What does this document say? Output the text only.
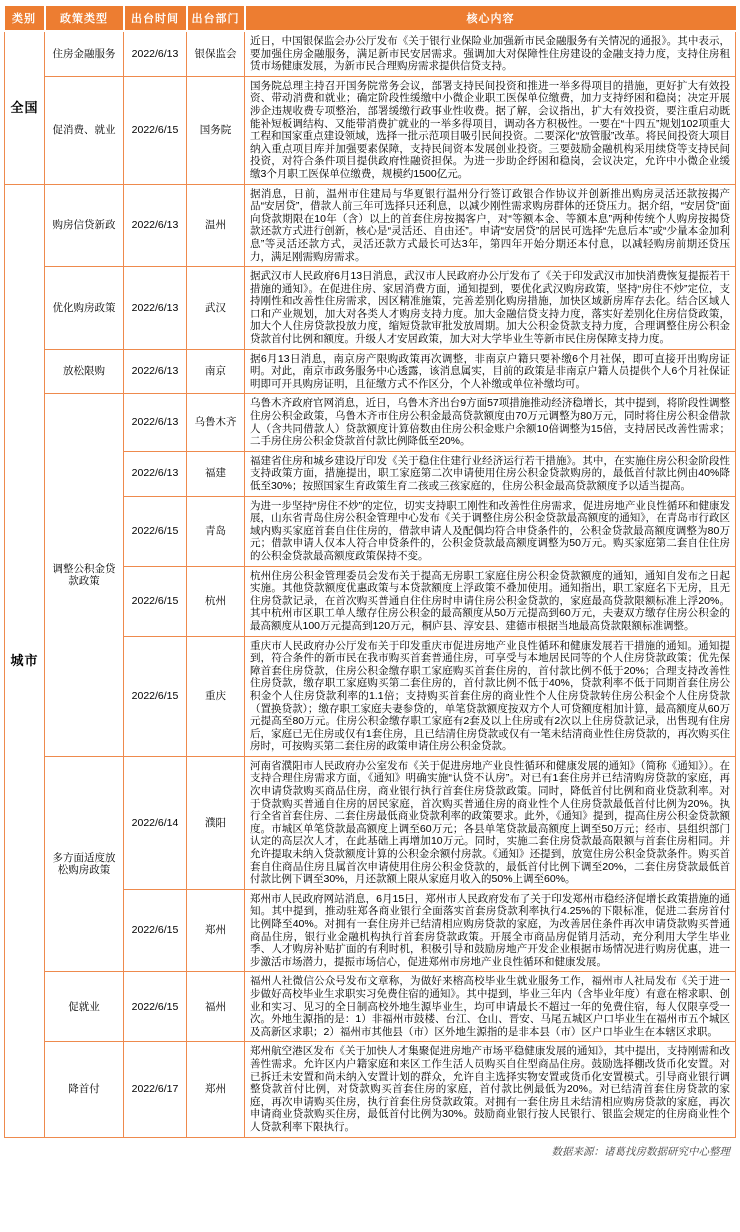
类别	政策类型	出台时间	出台部门	核心内容
全国	住房金融服务	2022/6/13	银保监会	近日，中国银保监会办公厅发布《关于银行业保险业加强新市民金融服务有关情况的通报》。其中表示，要加强住房金融服务，满足新市民安居需求。强调加大对保障性住房建设的金融支持力度，支持住房租赁市场健康发展，为新市民合理购房需求提供信贷支持。
	促消费、就业	2022/6/15	国务院	国务院总理主持召开国务院常务会议，部署支持民间投资和推进一举多得项目的措施，更好扩大有效投资、带动消费和就业；确定阶段性缓缴中小微企业职工医保单位缴费，加力支持纾困和稳岗；决定开展涉企违规收费专项整治，部署缓缴行政事业性收费。据了解，会议指出，扩大有效投资，要注重启动既能补短板调结构、又能带消费扩就业的一举多得项目，调动各方积极性。一要在“十四五”规划102项重大工程和国家重点建设领域，选择一批示范项目吸引民间投资。二要深化“放管服”改革。将民间投资大项目纳入重点项目库并加强要素保障，支持民间资本发展创业投资。三要鼓励金融机构采用续贷等支持民间投资，对符合条件项目提供政府性融资担保。为进一步助企纾困和稳岗，会议决定，允许中小微企业缓缴3个月职工医保单位缴费，规模约1500亿元。
城市	购房信贷新政	2022/6/13	温州	据消息，日前，温州市住建局与华夏银行温州分行签订政银合作协议并创新推出购房灵活还款按揭产品“安居贷”，借款人前三年可选择只还利息，以减少刚性需求购房群体的还贷压力。据介绍，“安居贷”面向贷款期限在10年（含）以上的首套住房按揭客户，对“等额本金、等额本息”两种传统个人购房按揭贷款还款方式进行创新，核心是“灵活还、自由还”。申请“安居贷”的居民可选择“先息后本”或“少量本金加利息”等灵活还款方式，灵活还款方式最长可达3年，第四年开始分期还本付息，以减轻购房前期还贷压力，满足刚需购房需求。
	优化购房政策	2022/6/13	武汉	据武汉市人民政府6月13日消息，武汉市人民政府办公厅发布了《关于印发武汉市加快消费恢复提振若干措施的通知》。在促进住房、家居消费方面，通知提到，要优化武汉购房政策，坚持“房住不炒”定位，支持刚性和改善性住房需求，因区精准施策，完善差别化购房措施，加快区域新房库存去化。结合区域人口和产业规划，加大对各类人才购房支持力度。加大金融信贷支持力度，落实好差别化住房信贷政策，加大个人住房贷款投放力度，缩短贷款审批发放周期。加大公积金贷款支持力度，合理调整住房公积金贷款首付比例和额度。升级人才安居政策，加大对大学毕业生等新市民住房保障支持力度。
	放松限购	2022/6/13	南京	据6月13日消息，南京房产限购政策再次调整，非南京户籍只要补缴6个月社保，即可直接开出购房证明。对此，南京市政务服务中心透露，该消息属实，目前的政策是非南京户籍人员提供个人6个月社保证明即可开具购房证明，且征缴方式不作区分，个人补缴或单位补缴均可。
	调整公积金贷款政策	2022/6/13	乌鲁木齐	乌鲁木齐政府官网消息，近日，乌鲁木齐出台9方面57项措施推动经济稳增长，其中提到，将阶段性调整住房公积金政策，乌鲁木齐市住房公积金最高贷款额度由70万元调整为80万元，同时将住房公积金借款人（含共同借款人）贷款额度计算倍数由住房公积金账户余额10倍调整为15倍，支持居民改善性需求；二手房住房公积金贷款首付款比例降低至20%。
		2022/6/13	福建	福建省住房和城乡建设厅印发《关于稳住住建行业经济运行若干措施》。其中，在实施住房公积金阶段性支持政策方面，措施提出，职工家庭第二次申请使用住房公积金贷款购房的，最低首付款比例由40%降低至30%；按照国家生育政策生育二孩或三孩家庭的，住房公积金最高贷款额度予以适当提高。
		2022/6/15	青岛	为进一步坚持“房住不炒”的定位，切实支持职工刚性和改善性住房需求，促进房地产业良性循环和健康发展，山东省青岛住房公积金管理中心发布《关于调整住房公积金贷款最高额度的通知》，在青岛市行政区域内购买家庭首套自住住房的，借款申请人及配偶均符合申贷条件的，公积金贷款最高额度调整为80万元；借款申请人仅本人符合申贷条件的，公积金贷款最高额度调整为50万元。购买家庭第二套自住住房的公积金贷款最高额度政策保持不变。
		2022/6/15	杭州	杭州住房公积金管理委员会发布关于提高无房职工家庭住房公积金贷款额度的通知，通知自发布之日起实施。其他贷款额度优惠政策与本贷款额度上浮政策不叠加使用。通知指出，职工家庭名下无房，且无住房贷款记录，在首次购买普通自住住房时申请住房公积金贷款的，家庭最高贷款限额标准上浮20%。其中杭州市区职工单人缴存住房公积金的最高额度从50万元提高到60万元，夫妻双方缴存住房公积金的最高额度从100万元提高到120万元，桐庐县、淳安县、建德市根据当地最高贷款限额标准调整。
		2022/6/15	重庆	重庆市人民政府办公厅发布关于印发重庆市促进房地产业良性循环和健康发展若干措施的通知。通知提到，符合条件的新市民在我市购买首套普通住房，可享受与本地居民同等的个人住房贷款政策；优先保障首套住房贷款，住房公积金缴存职工家庭购买首套住房的，首付款比例不低于20%；合理支持改善性住房贷款，缴存职工家庭购买第二套住房的，首付款比例不低于40%，贷款利率不低于同期首套住房公积金个人住房贷款利率的1.1倍；支持购买首套住房的商业性个人住房贷款转住房公积金个人住房贷款（置换贷款）；缴存职工家庭夫妻参贷的，单笔贷款额度按双方个人可贷额度相加计算，最高额度从60万元提高至80万元。住房公积金缴存职工家庭有2套及以上住房或有2次以上住房贷款记录，出售现有住房后，家庭已无住房或仅有1套住房，且已结清住房贷款或仅有一笔未结清商业性住房贷款的，再次购买住房时，可按购买第二套住房的政策申请住房公积金贷款。
	多方面适度放松购房政策	2022/6/14	濮阳	河南省濮阳市人民政府办公室发布《关于促进房地产业良性循环和健康发展的通知》（简称《通知》）。在支持合理住房需求方面，《通知》明确实施“认贷不认房”。对已有1套住房并已结清购房贷款的家庭，再次申请贷款购买商品住房，商业银行执行首套住房贷款政策。同时，降低首付比例和商业贷款利率。对于贷款购买普通自住房的居民家庭，首次购买普通住房的商业性个人住房贷款最低首付比例为20%。执行全省首套住房、二套住房最低商业贷款利率的政策要求。此外，《通知》提到，提高住房公积金贷款额度。市城区单笔贷款最高额度上调至60万元；各县单笔贷款最高额度上调至50万元；经市、县组织部门认定的高层次人才，在此基础上再增加10万元。同时，实施二套住房贷款最高限额与首套住房相同。并允许提取未纳入贷款额度计算的公积金余额付房款。《通知》还提到，放宽住房公积金贷款条件。购买首套自住商品住房且属首次申请使用住房公积金贷款的，最低首付比例下调至20%，二套住房贷款最低首付款比例下调至30%，月还款额上限从家庭月收入的50%上调至60%。
		2022/6/15	郑州	郑州市人民政府网站消息，6月15日，郑州市人民政府发布了关于印发郑州市稳经济促增长政策措施的通知。其中提到，推动驻郑各商业银行全面落实首套房贷款利率执行4.25%的下限标准，促进二套房首付比例降至40%。对拥有一套住房并已结清相应购房贷款的家庭，为改善居住条件再次申请贷款购买普通商品住房，银行业金融机构执行首套房贷款政策。开展全市商品房促销月活动，充分利用大学生毕业季、人才购房补贴扩面的有利时机，积极引导和鼓励房地产开发企业根据市场情况进行购房优惠，进一步激活市场潜力，提振市场信心，促进郑州市房地产业良性循环和健康发展。
	促就业	2022/6/15	福州	福州人社微信公众号发布文章称，为做好来榕高校毕业生就业服务工作，福州市人社局发布《关于进一步做好高校毕业生求职实习免费住宿的通知》。其中提到，毕业三年内（含毕业年度）有意在榕求职、创业和实习、见习的全日制高校外地生源毕业生，均可申请最长不超过一年的免费住宿，每人仅限享受一次。外地生源指的是：1）非福州市鼓楼、台江、仓山、晋安、马尾五城区户口毕业生在福州市五个城区及高新区求职；2）福州市其他县（市）区外地生源指的是非本县（市）区户口毕业生在本辖区求职。
	降首付	2022/6/17	郑州	郑州航空港区发布《关于加快人才集聚促进房地产市场平稳健康发展的通知》，其中提出，支持刚需和改善性需求。允许区内户籍家庭和来区工作生活人员购买自住型商品住房。鼓励选择棚改货币化安置。对已拆迁未安置和尚未纳入安置计划的群众，允许自主选择实物安置或货币化安置模式。引导商业银行调整贷款首付比例，对贷款购买首套住房的家庭，首付款比例最低为20%。对已结清首套住房贷款的家庭，再次申请购买住房，执行首套住房贷款政策。对拥有一套住房且未结清相应购房贷款的家庭，再次申请商业贷款购买住房，最低首付比例为30%。鼓励商业银行按人民银行、银监会规定的住房商业性个人贷款利率下限执行。
数据来源：诸葛找房数据研究中心整理
